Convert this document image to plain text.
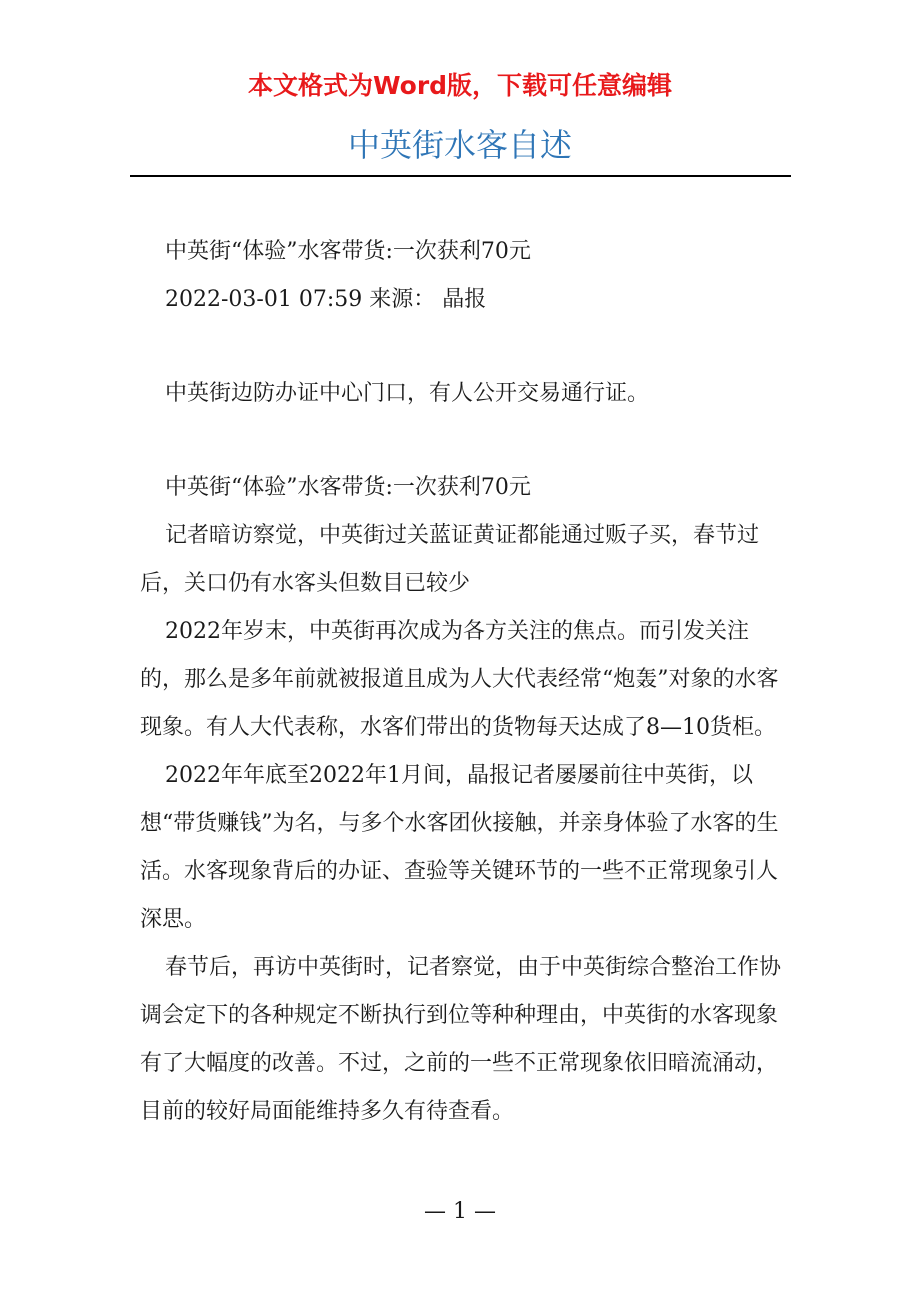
本文格式为Word版，下载可任意编辑
中英街水客自述

中英街“体验”水客带货:一次获利70元

2022-03-01 07:59 来源： 晶报

中英街边防办证中心门口，有人公开交易通行证。

中英街“体验”水客带货:一次获利70元

记者暗访察觉，中英街过关蓝证黄证都能通过贩子买，春节过后，关口仍有水客头但数目已较少

2022年岁末，中英街再次成为各方关注的焦点。而引发关注的，那么是多年前就被报道且成为人大代表经常“炮轰”对象的水客现象。有人大代表称，水客们带出的货物每天达成了8—10货柜。

2022年年底至2022年1月间，晶报记者屡屡前往中英街，以想“带货赚钱”为名，与多个水客团伙接触，并亲身体验了水客的生活。水客现象背后的办证、查验等关键环节的一些不正常现象引人深思。

春节后，再访中英街时，记者察觉，由于中英街综合整治工作协调会定下的各种规定不断执行到位等种种理由，中英街的水客现象有了大幅度的改善。不过，之前的一些不正常现象依旧暗流涌动，目前的较好局面能维持多久有待查看。

— 1 —
